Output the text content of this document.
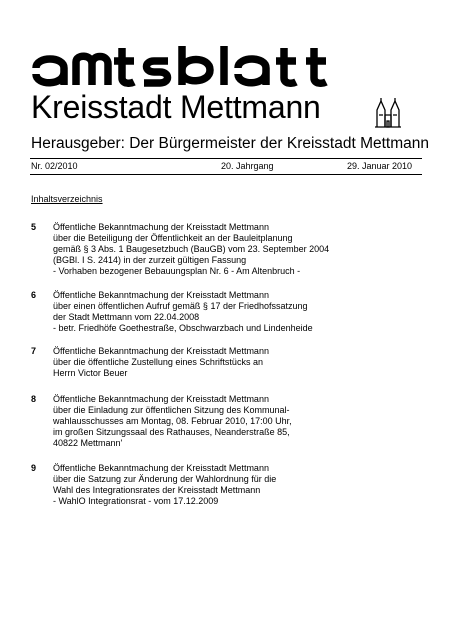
Kreisstadt Mettmann
Herausgeber: Der Bürgermeister der Kreisstadt Mettmann
Nr. 02/2010	20. Jahrgang	29. Januar 2010
Inhaltsverzeichnis
5 Öffentliche Bekanntmachung der Kreisstadt Mettmann
über die Beteiligung der Öffentlichkeit an der Bauleitplanung
gemäß § 3 Abs. 1 Baugesetzbuch (BauGB) vom 23. September 2004
(BGBl. I S. 2414) in der zurzeit gültigen Fassung
- Vorhaben bezogener Bebauungsplan Nr. 6 - Am Altenbruch -
6 Öffentliche Bekanntmachung der Kreisstadt Mettmann
über einen öffentlichen Aufruf gemäß § 17 der Friedhofssatzung
der Stadt Mettmann vom 22.04.2008
- betr. Friedhöfe Goethestraße, Obschwarzbach und Lindenheide
7 Öffentliche Bekanntmachung der Kreisstadt Mettmann
über die öffentliche Zustellung eines Schriftstücks an
Herrn Victor Beuer
8 Öffentliche Bekanntmachung der Kreisstadt Mettmann
über die Einladung zur öffentlichen Sitzung des Kommunal-
wahlausschusses am Montag, 08. Februar 2010, 17:00 Uhr,
im großen Sitzungssaal des Rathauses, Neanderstraße 85,
40822 Mettmann'
9 Öffentliche Bekanntmachung der Kreisstadt Mettmann
über die Satzung zur Änderung der Wahlordnung für die
Wahl des Integrationsrates der Kreisstadt Mettmann
- WahlO Integrationsrat - vom 17.12.2009
